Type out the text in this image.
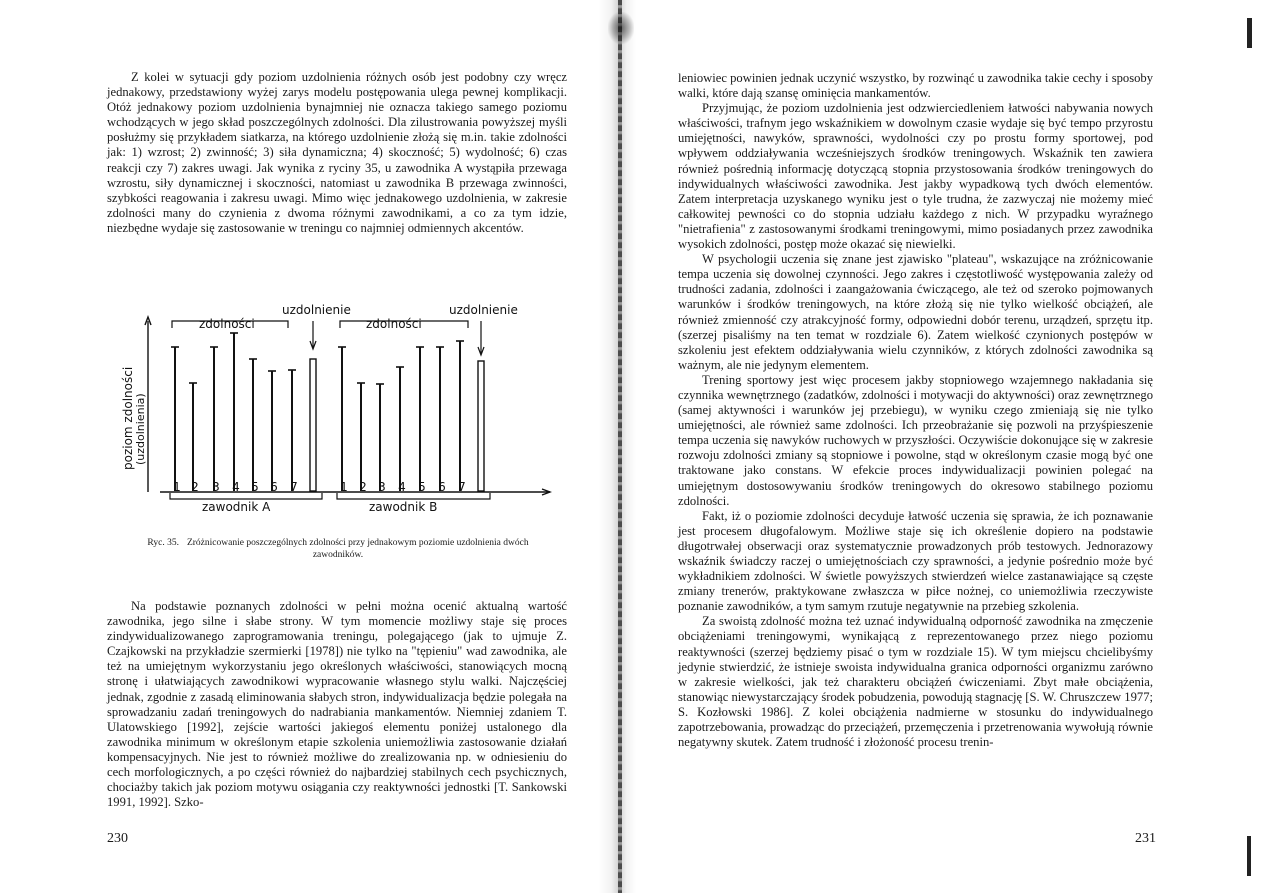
Z kolei w sytuacji gdy poziom uzdolnienia różnych osób jest podobny czy wręcz jednakowy, przedstawiony wyżej zarys modelu postępowania ulega pewnej komplikacji. Otóż jednakowy poziom uzdolnienia bynajmniej nie oznacza takiego samego poziomu wchodzących w jego skład poszczególnych zdolności. Dla zilustrowania powyższej myśli posłużmy się przykładem siatkarza, na którego uzdolnienie złożą się m.in. takie zdolności jak: 1) wzrost; 2) zwinność; 3) siła dynamiczna; 4) skoczność; 5) wydolność; 6) czas reakcji czy 7) zakres uwagi. Jak wynika z ryciny 35, u zawodnika A wystąpiła przewaga wzrostu, siły dynamicznej i skoczności, natomiast u zawodnika B przewaga zwinności, szybkości reagowania i zakresu uwagi. Mimo więc jednakowego uzdolnienia, w zakresie zdolności many do czynienia z dwoma różnymi zawodnikami, a co za tym idzie, niezbędne wydaje się zastosowanie w treningu co najmniej odmiennych akcentów.

zdolności	zdolności
uzdolnienie	uzdolnienie
poziom zdolności (uzdolnienia)
1 2 3 4 5 6 7	1 2 3 4 5 6 7
zawodnik A	zawodnik B
Ryc. 35. Zróżnicowanie poszczególnych zdolności przy jednakowym poziomie uzdolnienia dwóch zawodników.

Na podstawie poznanych zdolności w pełni można ocenić aktualną wartość zawodnika, jego silne i słabe strony. W tym momencie możliwy staje się proces zindywidualizowanego zaprogramowania treningu, polegającego (jak to ujmuje Z. Czajkowski na przykładzie szermierki [1978]) nie tylko na "tępieniu" wad zawodnika, ale też na umiejętnym wykorzystaniu jego określonych właściwości, stanowiących mocną stronę i ułatwiających zawodnikowi wypracowanie własnego stylu walki. Najczęściej jednak, zgodnie z zasadą eliminowania słabych stron, indywidualizacja będzie polegała na sprowadzaniu zadań treningowych do nadrabiania mankamentów. Niemniej zdaniem T. Ulatowskiego [1992], zejście wartości jakiegoś elementu poniżej ustalonego dla zawodnika minimum w określonym etapie szkolenia uniemożliwia zastosowanie działań kompensacyjnych. Nie jest to również możliwe do zrealizowania np. w odniesieniu do cech morfologicznych, a po części również do najbardziej stabilnych cech psychicznych, chociażby takich jak poziom motywu osiągania czy reaktywności jednostki [T. Sankowski 1991, 1992]. Szko-

230

leniowiec powinien jednak uczynić wszystko, by rozwinąć u zawodnika takie cechy i sposoby walki, które dają szansę ominięcia mankamentów.

Przyjmując, że poziom uzdolnienia jest odzwierciedleniem łatwości nabywania nowych właściwości, trafnym jego wskaźnikiem w dowolnym czasie wydaje się być tempo przyrostu umiejętności, nawyków, sprawności, wydolności czy po prostu formy sportowej, pod wpływem oddziaływania wcześniejszych środków treningowych. Wskaźnik ten zawiera również pośrednią informację dotyczącą stopnia przystosowania środków treningowych do indywidualnych właściwości zawodnika. Jest jakby wypadkową tych dwóch elementów. Zatem interpretacja uzyskanego wyniku jest o tyle trudna, że zazwyczaj nie możemy mieć całkowitej pewności co do stopnia udziału każdego z nich. W przypadku wyraźnego "nietrafienia" z zastosowanymi środkami treningowymi, mimo posiadanych przez zawodnika wysokich zdolności, postęp może okazać się niewielki.

W psychologii uczenia się znane jest zjawisko "plateau", wskazujące na zróżnicowanie tempa uczenia się dowolnej czynności. Jego zakres i częstotliwość występowania zależy od trudności zadania, zdolności i zaangażowania ćwiczącego, ale też od szeroko pojmowanych warunków i środków treningowych, na które złożą się nie tylko wielkość obciążeń, ale również zmienność czy atrakcyjność formy, odpowiedni dobór terenu, urządzeń, sprzętu itp. (szerzej pisaliśmy na ten temat w rozdziale 6). Zatem wielkość czynionych postępów w szkoleniu jest efektem oddziaływania wielu czynników, z których zdolności zawodnika są ważnym, ale nie jedynym elementem.

Trening sportowy jest więc procesem jakby stopniowego wzajemnego nakładania się czynnika wewnętrznego (zadatków, zdolności i motywacji do aktywności) oraz zewnętrznego (samej aktywności i warunków jej przebiegu), w wyniku czego zmieniają się nie tylko umiejętności, ale również same zdolności. Ich przeobrażanie się pozwoli na przyśpieszenie tempa uczenia się nawyków ruchowych w przyszłości. Oczywiście dokonujące się w zakresie rozwoju zdolności zmiany są stopniowe i powolne, stąd w określonym czasie mogą być one traktowane jako constans. W efekcie proces indywidualizacji powinien polegać na umiejętnym dostosowywaniu środków treningowych do okresowo stabilnego poziomu zdolności.

Fakt, iż o poziomie zdolności decyduje łatwość uczenia się sprawia, że ich poznawanie jest procesem długofalowym. Możliwe staje się ich określenie dopiero na podstawie długotrwałej obserwacji oraz systematycznie prowadzonych prób testowych. Jednorazowy wskaźnik świadczy raczej o umiejętnościach czy sprawności, a jedynie pośrednio może być wykładnikiem zdolności. W świetle powyższych stwierdzeń wielce zastanawiające są częste zmiany trenerów, praktykowane zwłaszcza w piłce nożnej, co uniemożliwia rzeczywiste poznanie zawodników, a tym samym rzutuje negatywnie na przebieg szkolenia.

Za swoistą zdolność można też uznać indywidualną odporność zawodnika na zmęczenie obciążeniami treningowymi, wynikającą z reprezentowanego przez niego poziomu reaktywności (szerzej będziemy pisać o tym w rozdziale 15). W tym miejscu chcielibyśmy jedynie stwierdzić, że istnieje swoista indywidualna granica odporności organizmu zarówno w zakresie wielkości, jak też charakteru obciążeń ćwiczeniami. Zbyt małe obciążenia, stanowiąc niewystarczający środek pobudzenia, powodują stagnację [S. W. Chruszczew 1977; S. Kozłowski 1986]. Z kolei obciążenia nadmierne w stosunku do indywidualnego zapotrzebowania, prowadząc do przeciążeń, przemęczenia i przetrenowania wywołują równie negatywny skutek. Zatem trudność i złożoność procesu trenin-

231
